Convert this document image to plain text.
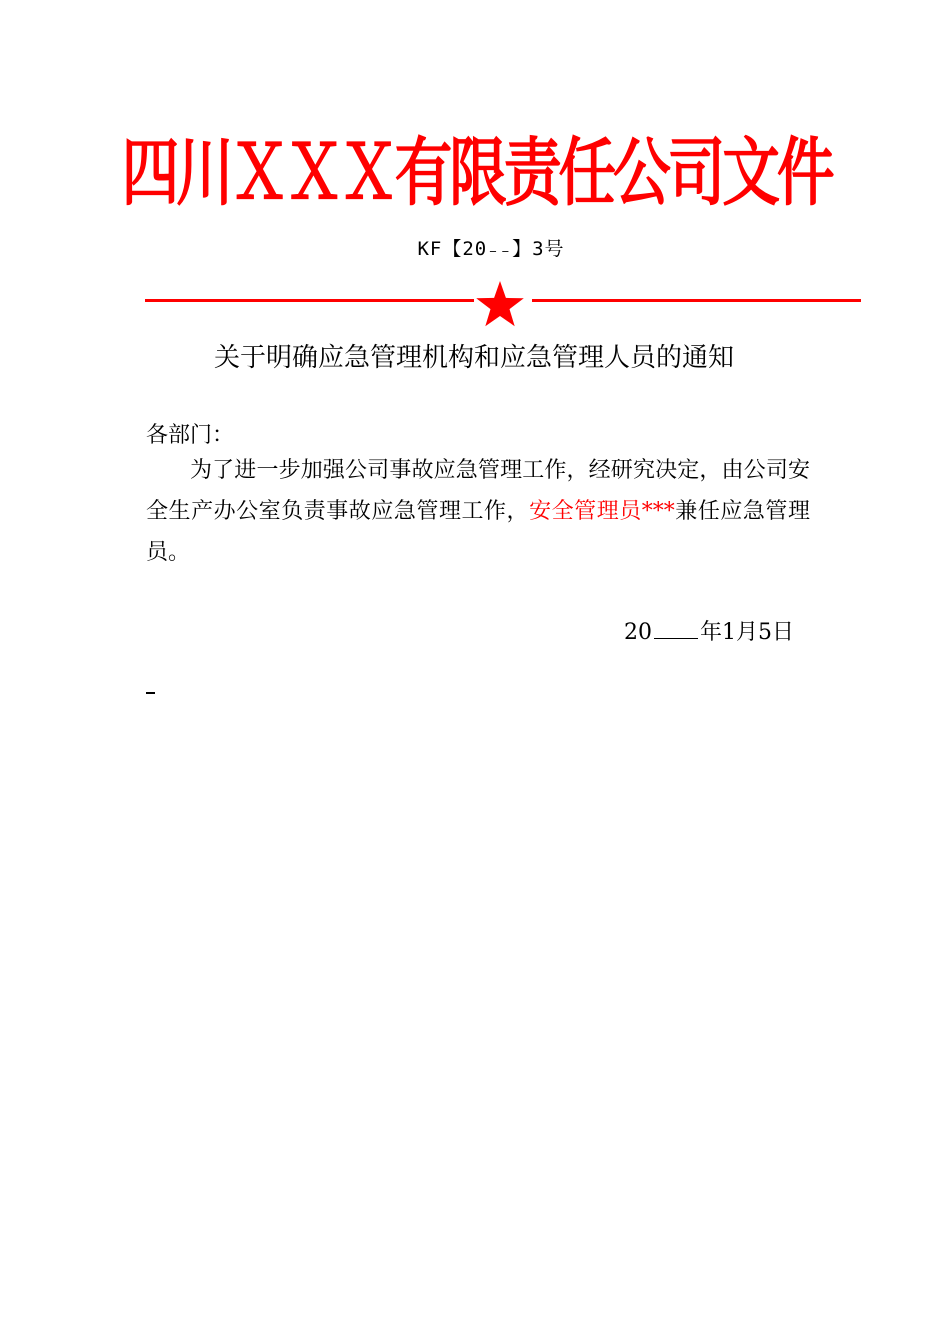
四川ＸＸＸ有限责任公司文件
KF【20₋₋】3号
关于明确应急管理机构和应急管理人员的通知
各部门：
为了进一步加强公司事故应急管理工作，经研究决定，由公司安全生产办公室负责事故应急管理工作，安全管理员***兼任应急管理员。
20 年1月5日
